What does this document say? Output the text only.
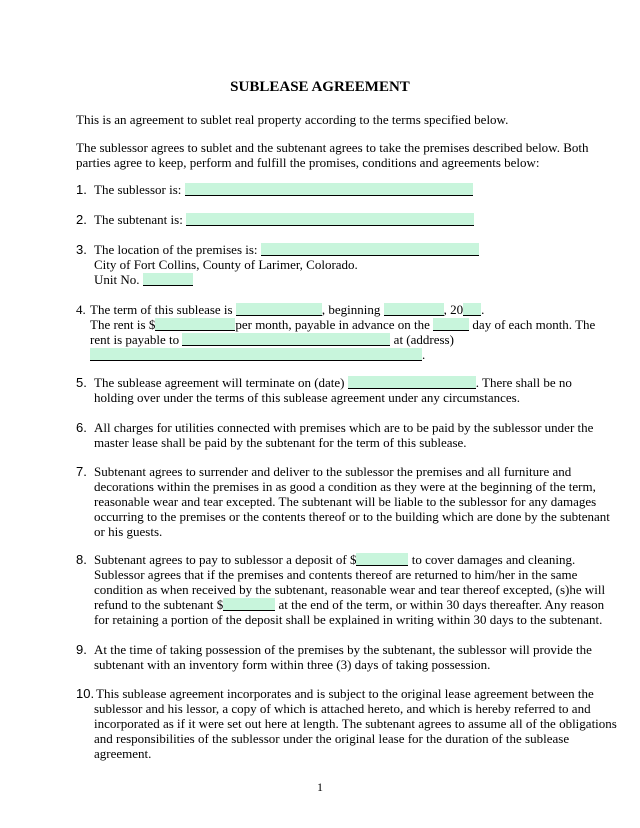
SUBLEASE AGREEMENT
This is an agreement to sublet real property according to the terms specified below.
The sublessor agrees to sublet and the subtenant agrees to take the premises described below. Both
parties agree to keep, perform and fulfill the promises, conditions and agreements below:
1. The sublessor is:
2. The subtenant is:
3. The location of the premises is:
City of Fort Collins, County of Larimer, Colorado.
Unit No.
4. The term of this sublease is	, beginning	, 20 .
The rent is $	per month, payable in advance on the	day of each month. The
rent is payable to	at (address)
.
5. The sublease agreement will terminate on (date)	. There shall be no
holding over under the terms of this sublease agreement under any circumstances.
6. All charges for utilities connected with premises which are to be paid by the sublessor under the
master lease shall be paid by the subtenant for the term of this sublease.
7. Subtenant agrees to surrender and deliver to the sublessor the premises and all furniture and
decorations within the premises in as good a condition as they were at the beginning of the term,
reasonable wear and tear excepted. The subtenant will be liable to the sublessor for any damages
occurring to the premises or the contents thereof or to the building which are done by the subtenant
or his guests.
8. Subtenant agrees to pay to sublessor a deposit of $	to cover damages and cleaning.
Sublessor agrees that if the premises and contents thereof are returned to him/her in the same
condition as when received by the subtenant, reasonable wear and tear thereof excepted, (s)he will
refund to the subtenant $	at the end of the term, or within 30 days thereafter. Any reason
for retaining a portion of the deposit shall be explained in writing within 30 days to the subtenant.
9. At the time of taking possession of the premises by the subtenant, the sublessor will provide the
subtenant with an inventory form within three (3) days of taking possession.
10. This sublease agreement incorporates and is subject to the original lease agreement between the
sublessor and his lessor, a copy of which is attached hereto, and which is hereby referred to and
incorporated as if it were set out here at length. The subtenant agrees to assume all of the obligations
and responsibilities of the sublessor under the original lease for the duration of the sublease
agreement.
1
